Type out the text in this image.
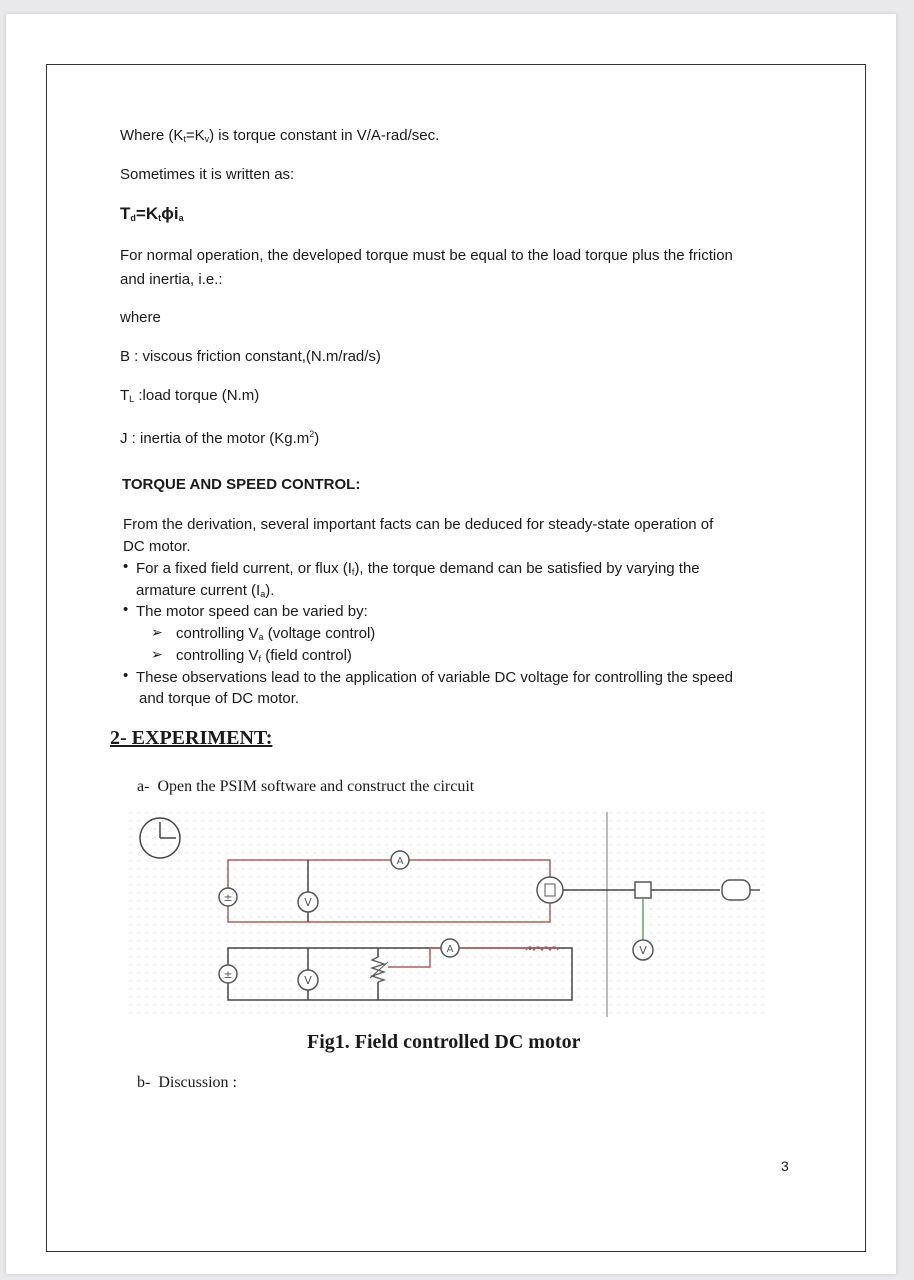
Where $(K_t=K_v)$ is torque constant in V/A-rad/sec.
Sometimes it is written as:
$T_d=K_t\phi i_a$
For normal operation, the developed torque must be equal to the load torque plus the friction
and inertia, i.e.:
where
B : viscous friction constant,(N.m/rad/s)
$T_L$ :load torque (N.m)
J : inertia of the motor $(Kg.m^2)$
TORQUE AND SPEED CONTROL:
From the derivation, several important facts can be deduced for steady-state operation of
DC motor.
• For a fixed field current, or flux $(I_f)$, the torque demand can be satisfied by varying the
armature current $(I_a)$.
• The motor speed can be varied by:
➢ controlling $V_a$ (voltage control)
➢ controlling $V_f$ (field control)
• These observations lead to the application of variable DC voltage for controlling the speed
and torque of DC motor.
2- EXPERIMENT:
a- Open the PSIM software and construct the circuit
±	V
A
V
±	V
A
Fig1. Field controlled DC motor
b- Discussion :
3
